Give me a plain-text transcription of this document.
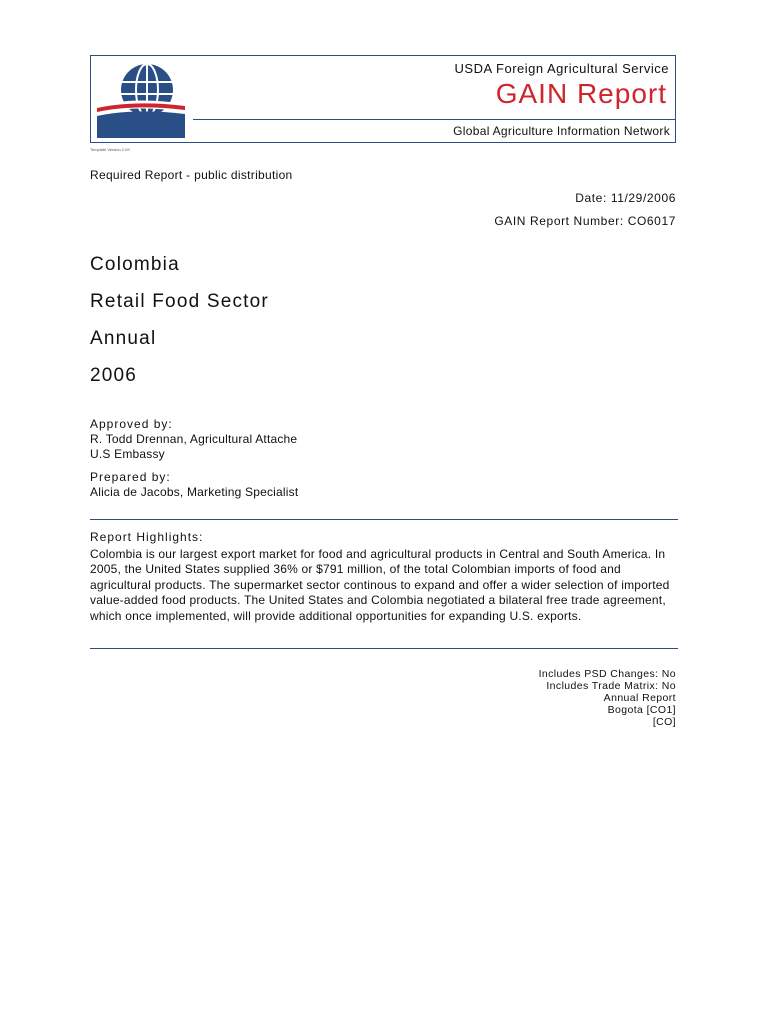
USDA Foreign Agricultural Service
GAIN Report
Global Agriculture Information Network
Template Version 2.09
Required Report - public distribution
Date: 11/29/2006
GAIN Report Number: CO6017
Colombia
Retail Food Sector
Annual
2006
Approved by:
R. Todd Drennan, Agricultural Attache
U.S Embassy
Prepared by:
Alicia de Jacobs, Marketing Specialist
Report Highlights:
Colombia is our largest export market for food and agricultural products in Central and South America. In 2005, the United States supplied 36% or $791 million, of the total Colombian imports of food and agricultural products. The supermarket sector continous to expand and offer a wider selection of imported value-added food products. The United States and Colombia negotiated a bilateral free trade agreement, which once implemented, will provide additional opportunities for expanding U.S. exports.
Includes PSD Changes: No
Includes Trade Matrix: No
Annual Report
Bogota [CO1]
[CO]
